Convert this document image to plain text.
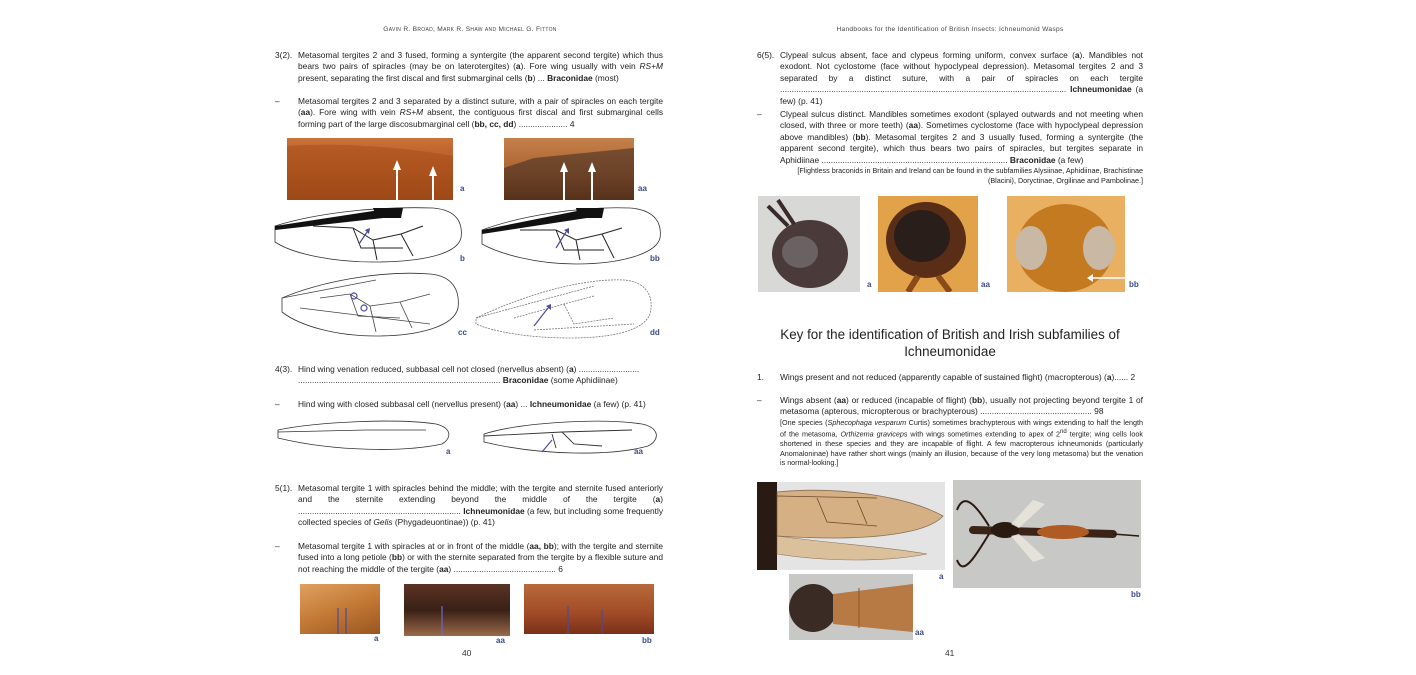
Gavin R. Broad, Mark R. Shaw and Michael G. Fitton
3(2). Metasomal tergites 2 and 3 fused, forming a syntergite (the apparent second tergite) which thus bears two pairs of spiracles (may be on laterotergites) (a). Fore wing usually with vein RS+M present, separating the first discal and first submarginal cells (b) ... Braconidae (most)
– Metasomal tergites 2 and 3 separated by a distinct suture, with a pair of spiracles on each tergite (aa). Fore wing with vein RS+M absent, the contiguous first discal and first submarginal cells forming part of the large discosubmarginal cell (bb, cc, dd) ..................... 4
a	aa
b	bb
cc	dd
4(3). Hind wing venation reduced, subbasal cell not closed (nervellus absent) (a) ..........................
....................................................................................... Braconidae (some Aphidiinae)
– Hind wing with closed subbasal cell (nervellus present) (aa) ... Ichneumonidae (a few) (p. 41)
a	aa
5(1). Metasomal tergite 1 with spiracles behind the middle; with the tergite and sternite fused anteriorly and the sternite extending beyond the middle of the tergite (a) ...................................................................... Ichneumonidae (a few, but including some frequently collected species of Gelis (Phygadeuontinae)) (p. 41)
– Metasomal tergite 1 with spiracles at or in front of the middle (aa, bb); with the tergite and sternite fused into a long petiole (bb) or with the sternite separated from the tergite by a flexible suture and not reaching the middle of the tergite (aa) ............................................ 6
a	aa	bb
40
Handbooks for the Identification of British Insects: Ichneumonid Wasps
6(5). Clypeal sulcus absent, face and clypeus forming uniform, convex surface (a). Mandibles not exodont. Not cyclostome (face without hypoclypeal depression). Metasomal tergites 2 and 3 separated by a distinct suture, with a pair of spiracles on each tergite ........................................................................................................................... Ichneumonidae (a few) (p. 41)
– Clypeal sulcus distinct. Mandibles sometimes exodont (splayed outwards and not meeting when closed, with three or more teeth) (aa). Sometimes cyclostome (face with hypoclypeal depression above mandibles) (bb). Metasomal tergites 2 and 3 usually fused, forming a syntergite (the apparent second tergite), which thus bears two pairs of spiracles, but tergites separate in Aphidiinae ................................................................................ Braconidae (a few)
[Flightless braconids in Britain and Ireland can be found in the subfamilies Alysiinae, Aphidiinae, Brachistinae (Blacini), Doryctinae, Orgilinae and Pambolinae.]
a	aa	bb
Key for the identification of British and Irish subfamilies of Ichneumonidae
1. Wings present and not reduced (apparently capable of sustained flight) (macropterous) (a)...... 2
– Wings absent (aa) or reduced (incapable of flight) (bb), usually not projecting beyond tergite 1 of metasoma (apterous, micropterous or brachypterous) ................................................ 98
[One species (Sphecophaga vesparum Curtis) sometimes brachypterous with wings extending to half the length of the metasoma, Orthizema graviceps with wings sometimes extending to apex of 2nd tergite; wing cells look shortened in these species and they are incapable of flight. A few macropterous ichneumonids (particularly Anomaloninae) have rather short wings (mainly an illusion, because of the very long metasoma) but the venation is normal-looking.]
a
bb
aa
41
